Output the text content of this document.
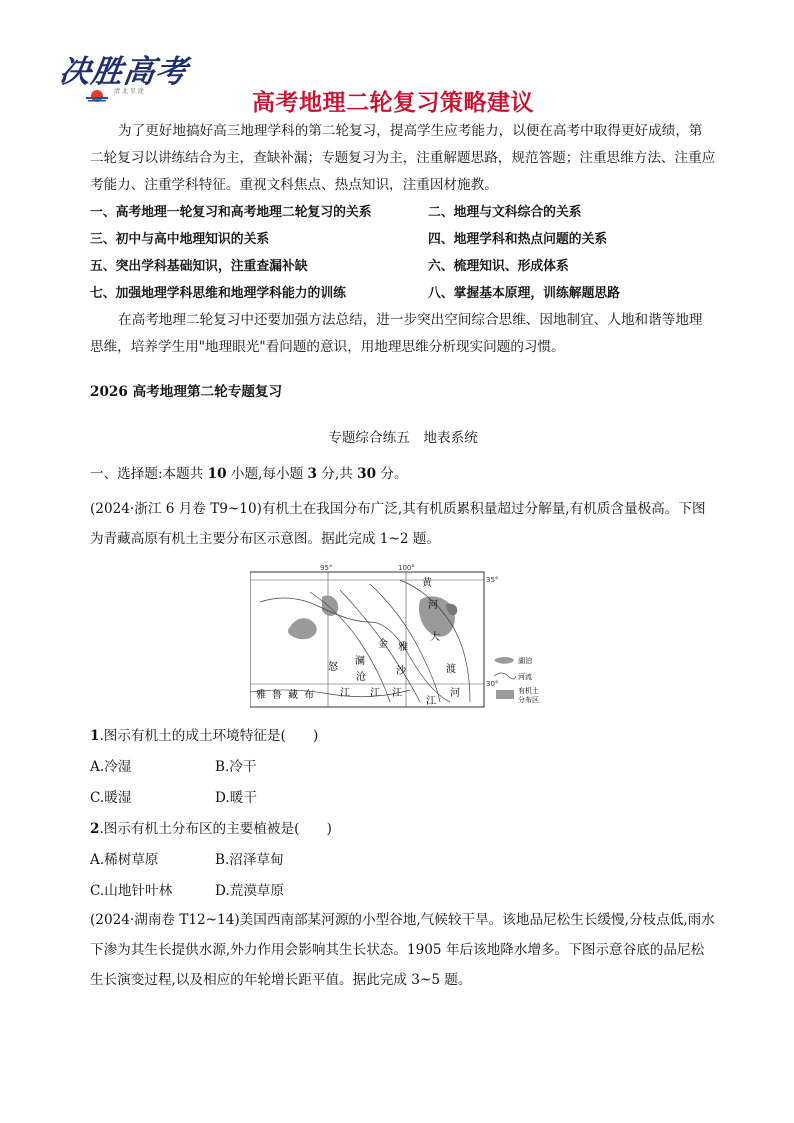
决胜高考
清 北 星 途	高考地理二轮复习策略建议
为了更好地搞好高三地理学科的第二轮复习，提高学生应考能力，以便在高考中取得更好成绩，第二轮复习以讲练结合为主，查缺补漏；专题复习为主，注重解题思路，规范答题；注重思维方法、注重应考能力、注重学科特征。重视文科焦点、热点知识，注重因材施教。
一、高考地理一轮复习和高考地理二轮复习的关系	二、地理与文科综合的关系
三、初中与高中地理知识的关系	四、地理学科和热点问题的关系
五、突出学科基础知识，注重查漏补缺	六、梳理知识、形成体系
七、加强地理学科思维和地理学科能力的训练	八、掌握基本原理，训练解题思路
在高考地理二轮复习中还要加强方法总结，进一步突出空间综合思维、因地制宜、人地和谐等地理思维，培养学生用"地理眼光"看问题的意识，用地理思维分析现实问题的习惯。
2026 高考地理第二轮专题复习
专题综合练五　地表系统
一、选择题:本题共 10 小题,每小题 3 分,共 30 分。
(2024·浙江 6 月卷 T9~10)有机土在我国分布广泛,其有机质累积量超过分解量,有机质含量极高。下图为青藏高原有机土主要分布区示意图。据此完成 1~2 题。
95°	100°
35°
30°
黄
河
金
怒
澜
沙
雅
大
渡
沧
江 江 江
江
河
雅 鲁 藏 布
湖泊
河流
有机土
分布区
1.图示有机土的成土环境特征是(　　)
A.冷湿	B.冷干
C.暖湿	D.暖干
2.图示有机土分布区的主要植被是(　　)
A.稀树草原	B.沼泽草甸
C.山地针叶林	D.荒漠草原
(2024·湖南卷 T12~14)美国西南部某河源的小型谷地,气候较干旱。该地品尼松生长缓慢,分枝点低,雨水下渗为其生长提供水源,外力作用会影响其生长状态。1905 年后该地降水增多。下图示意谷底的品尼松生长演变过程,以及相应的年轮增长距平值。据此完成 3~5 题。
